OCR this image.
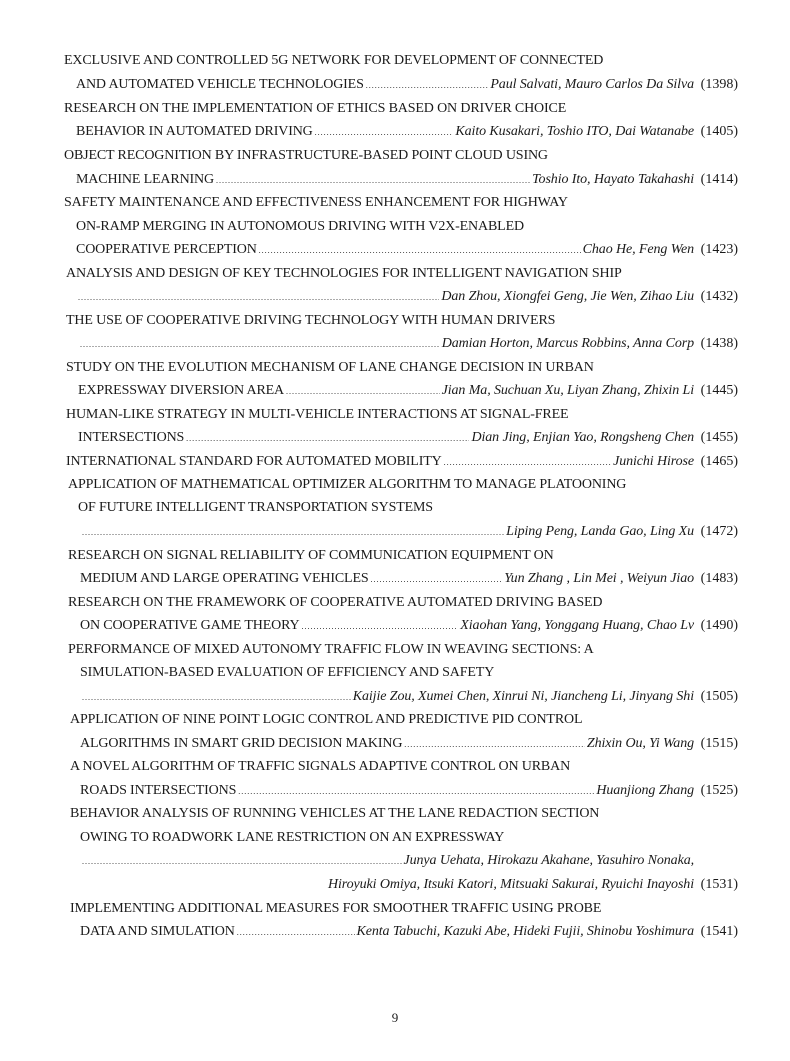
EXCLUSIVE AND CONTROLLED 5G NETWORK FOR DEVELOPMENT OF CONNECTED
AND AUTOMATED VEHICLE TECHNOLOGIES .....	Paul Salvati, Mauro Carlos Da Silva (1398)
RESEARCH ON THE IMPLEMENTATION OF ETHICS BASED ON DRIVER CHOICE
BEHAVIOR IN AUTOMATED DRIVING .....	Kaito Kusakari, Toshio ITO, Dai Watanabe (1405)
OBJECT RECOGNITION BY INFRASTRUCTURE-BASED POINT CLOUD USING
MACHINE LEARNING .....	Toshio Ito, Hayato Takahashi (1414)
SAFETY MAINTENANCE AND EFFECTIVENESS ENHANCEMENT FOR HIGHWAY
ON-RAMP MERGING IN AUTONOMOUS DRIVING WITH V2X-ENABLED
COOPERATIVE PERCEPTION .....	Chao He, Feng Wen (1423)
ANALYSIS AND DESIGN OF KEY TECHNOLOGIES FOR INTELLIGENT NAVIGATION SHIP
.....
Dan Zhou, Xiongfei Geng, Jie Wen, Zihao Liu (1432)
THE USE OF COOPERATIVE DRIVING TECHNOLOGY WITH HUMAN DRIVERS
.....
Damian Horton, Marcus Robbins, Anna Corp (1438)
STUDY ON THE EVOLUTION MECHANISM OF LANE CHANGE DECISION IN URBAN
EXPRESSWAY DIVERSION AREA .....	Jian Ma, Suchuan Xu, Liyan Zhang, Zhixin Li (1445)
HUMAN-LIKE STRATEGY IN MULTI-VEHICLE INTERACTIONS AT SIGNAL-FREE
INTERSECTIONS .....	Dian Jing, Enjian Yao, Rongsheng Chen (1455)
INTERNATIONAL STANDARD FOR AUTOMATED MOBILITY .....	Junichi Hirose (1465)
APPLICATION OF MATHEMATICAL OPTIMIZER ALGORITHM TO MANAGE PLATOONING
OF FUTURE INTELLIGENT TRANSPORTATION SYSTEMS
.....
Liping Peng, Landa Gao, Ling Xu (1472)
RESEARCH ON SIGNAL RELIABILITY OF COMMUNICATION EQUIPMENT ON
MEDIUM AND LARGE OPERATING VEHICLES .....	Yun Zhang , Lin Mei , Weiyun Jiao (1483)
RESEARCH ON THE FRAMEWORK OF COOPERATIVE AUTOMATED DRIVING BASED
ON COOPERATIVE GAME THEORY .....	Xiaohan Yang, Yonggang Huang, Chao Lv (1490)
PERFORMANCE OF MIXED AUTONOMY TRAFFIC FLOW IN WEAVING SECTIONS: A
SIMULATION-BASED EVALUATION OF EFFICIENCY AND SAFETY
.....
Kaijie Zou, Xumei Chen, Xinrui Ni, Jiancheng Li, Jinyang Shi (1505)
APPLICATION OF NINE POINT LOGIC CONTROL AND PREDICTIVE PID CONTROL
ALGORITHMS IN SMART GRID DECISION MAKING .....	Zhixin Ou, Yi Wang (1515)
A NOVEL ALGORITHM OF TRAFFIC SIGNALS ADAPTIVE CONTROL ON URBAN
ROADS INTERSECTIONS .....	Huanjiong Zhang (1525)
BEHAVIOR ANALYSIS OF RUNNING VEHICLES AT THE LANE REDACTION SECTION
OWING TO ROADWORK LANE RESTRICTION ON AN EXPRESSWAY
.....
Junya Uehata, Hirokazu Akahane, Yasuhiro Nonaka,
Hiroyuki Omiya, Itsuki Katori, Mitsuaki Sakurai, Ryuichi Inayoshi (1531)
IMPLEMENTING ADDITIONAL MEASURES FOR SMOOTHER TRAFFIC USING PROBE
DATA AND SIMULATION .....	Kenta Tabuchi, Kazuki Abe, Hideki Fujii, Shinobu Yoshimura (1541)
9
